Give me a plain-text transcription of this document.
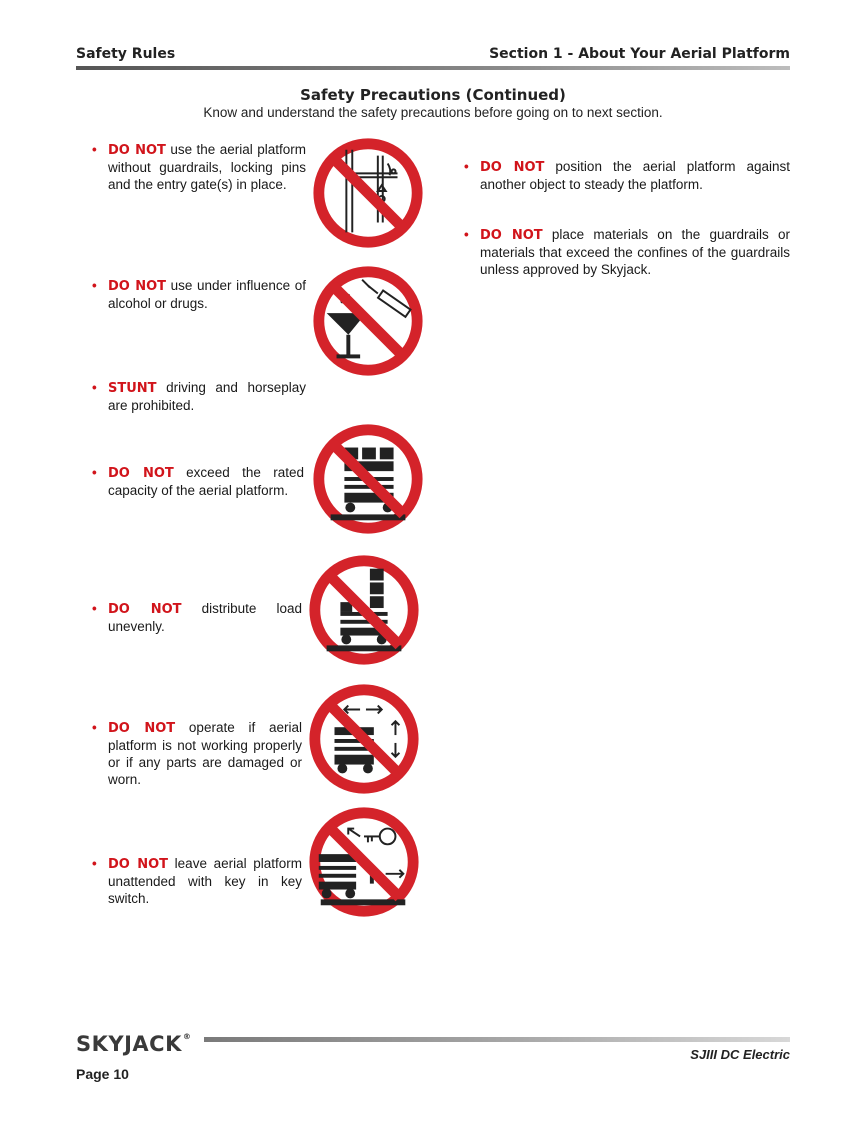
Safety Rules	Section 1 - About Your Aerial Platform
Safety Precautions (Continued)
Know and understand the safety precautions before going on to next section.
• DO NOT use the aerial platform without guardrails, locking pins and the entry gate(s) in place.
• DO NOT use under influence of alcohol or drugs.
• STUNT driving and horseplay are prohibited.
• DO NOT exceed the rated capacity of the aerial platform.
• DO NOT distribute load unevenly.
• DO NOT operate if aerial platform is not working properly or if any parts are damaged or worn.
• DO NOT leave aerial platform unattended with key in key switch.
• DO NOT position the aerial platform against another object to steady the platform.
• DO NOT place materials on the guardrails or materials that exceed the confines of the guardrails unless approved by Skyjack.
SKYJACK®
SJIII DC Electric
Page 10
